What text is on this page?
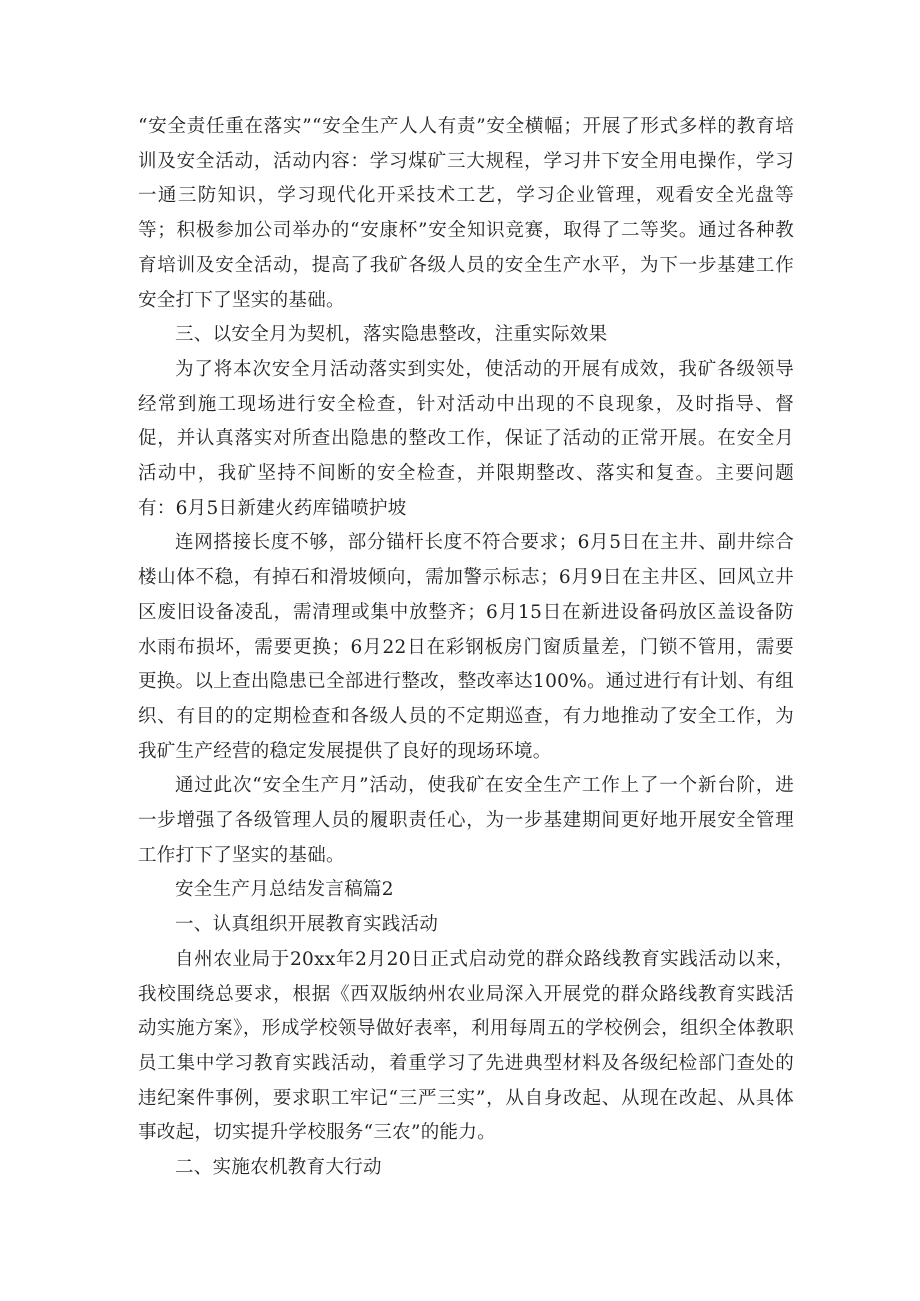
“安全责任重在落实”“安全生产人人有责”安全横幅；开展了形式多样的教育培训及安全活动，活动内容：学习煤矿三大规程，学习井下安全用电操作，学习一通三防知识，学习现代化开采技术工艺，学习企业管理，观看安全光盘等等；积极参加公司举办的“安康杯”安全知识竞赛，取得了二等奖。通过各种教育培训及安全活动，提高了我矿各级人员的安全生产水平，为下一步基建工作安全打下了坚实的基础。

三、以安全月为契机，落实隐患整改，注重实际效果

为了将本次安全月活动落实到实处，使活动的开展有成效，我矿各级领导经常到施工现场进行安全检查，针对活动中出现的不良现象，及时指导、督促，并认真落实对所查出隐患的整改工作，保证了活动的正常开展。在安全月活动中，我矿坚持不间断的安全检查，并限期整改、落实和复查。主要问题有：6月5日新建火药库锚喷护坡

连网搭接长度不够，部分锚杆长度不符合要求；6月5日在主井、副井综合楼山体不稳，有掉石和滑坡倾向，需加警示标志；6月9日在主井区、回风立井区废旧设备凌乱，需清理或集中放整齐；6月15日在新进设备码放区盖设备防水雨布损坏，需要更换；6月22日在彩钢板房门窗质量差，门锁不管用，需要更换。以上查出隐患已全部进行整改，整改率达100%。通过进行有计划、有组织、有目的的定期检查和各级人员的不定期巡查，有力地推动了安全工作，为我矿生产经营的稳定发展提供了良好的现场环境。

通过此次“安全生产月”活动，使我矿在安全生产工作上了一个新台阶，进一步增强了各级管理人员的履职责任心，为一步基建期间更好地开展安全管理工作打下了坚实的基础。

安全生产月总结发言稿篇2

一、认真组织开展教育实践活动

自州农业局于20xx年2月20日正式启动党的群众路线教育实践活动以来，我校围绕总要求，根据《西双版纳州农业局深入开展党的群众路线教育实践活动实施方案》，形成学校领导做好表率，利用每周五的学校例会，组织全体教职员工集中学习教育实践活动，着重学习了先进典型材料及各级纪检部门查处的违纪案件事例，要求职工牢记“三严三实”，从自身改起、从现在改起、从具体事改起，切实提升学校服务“三农”的能力。

二、实施农机教育大行动
